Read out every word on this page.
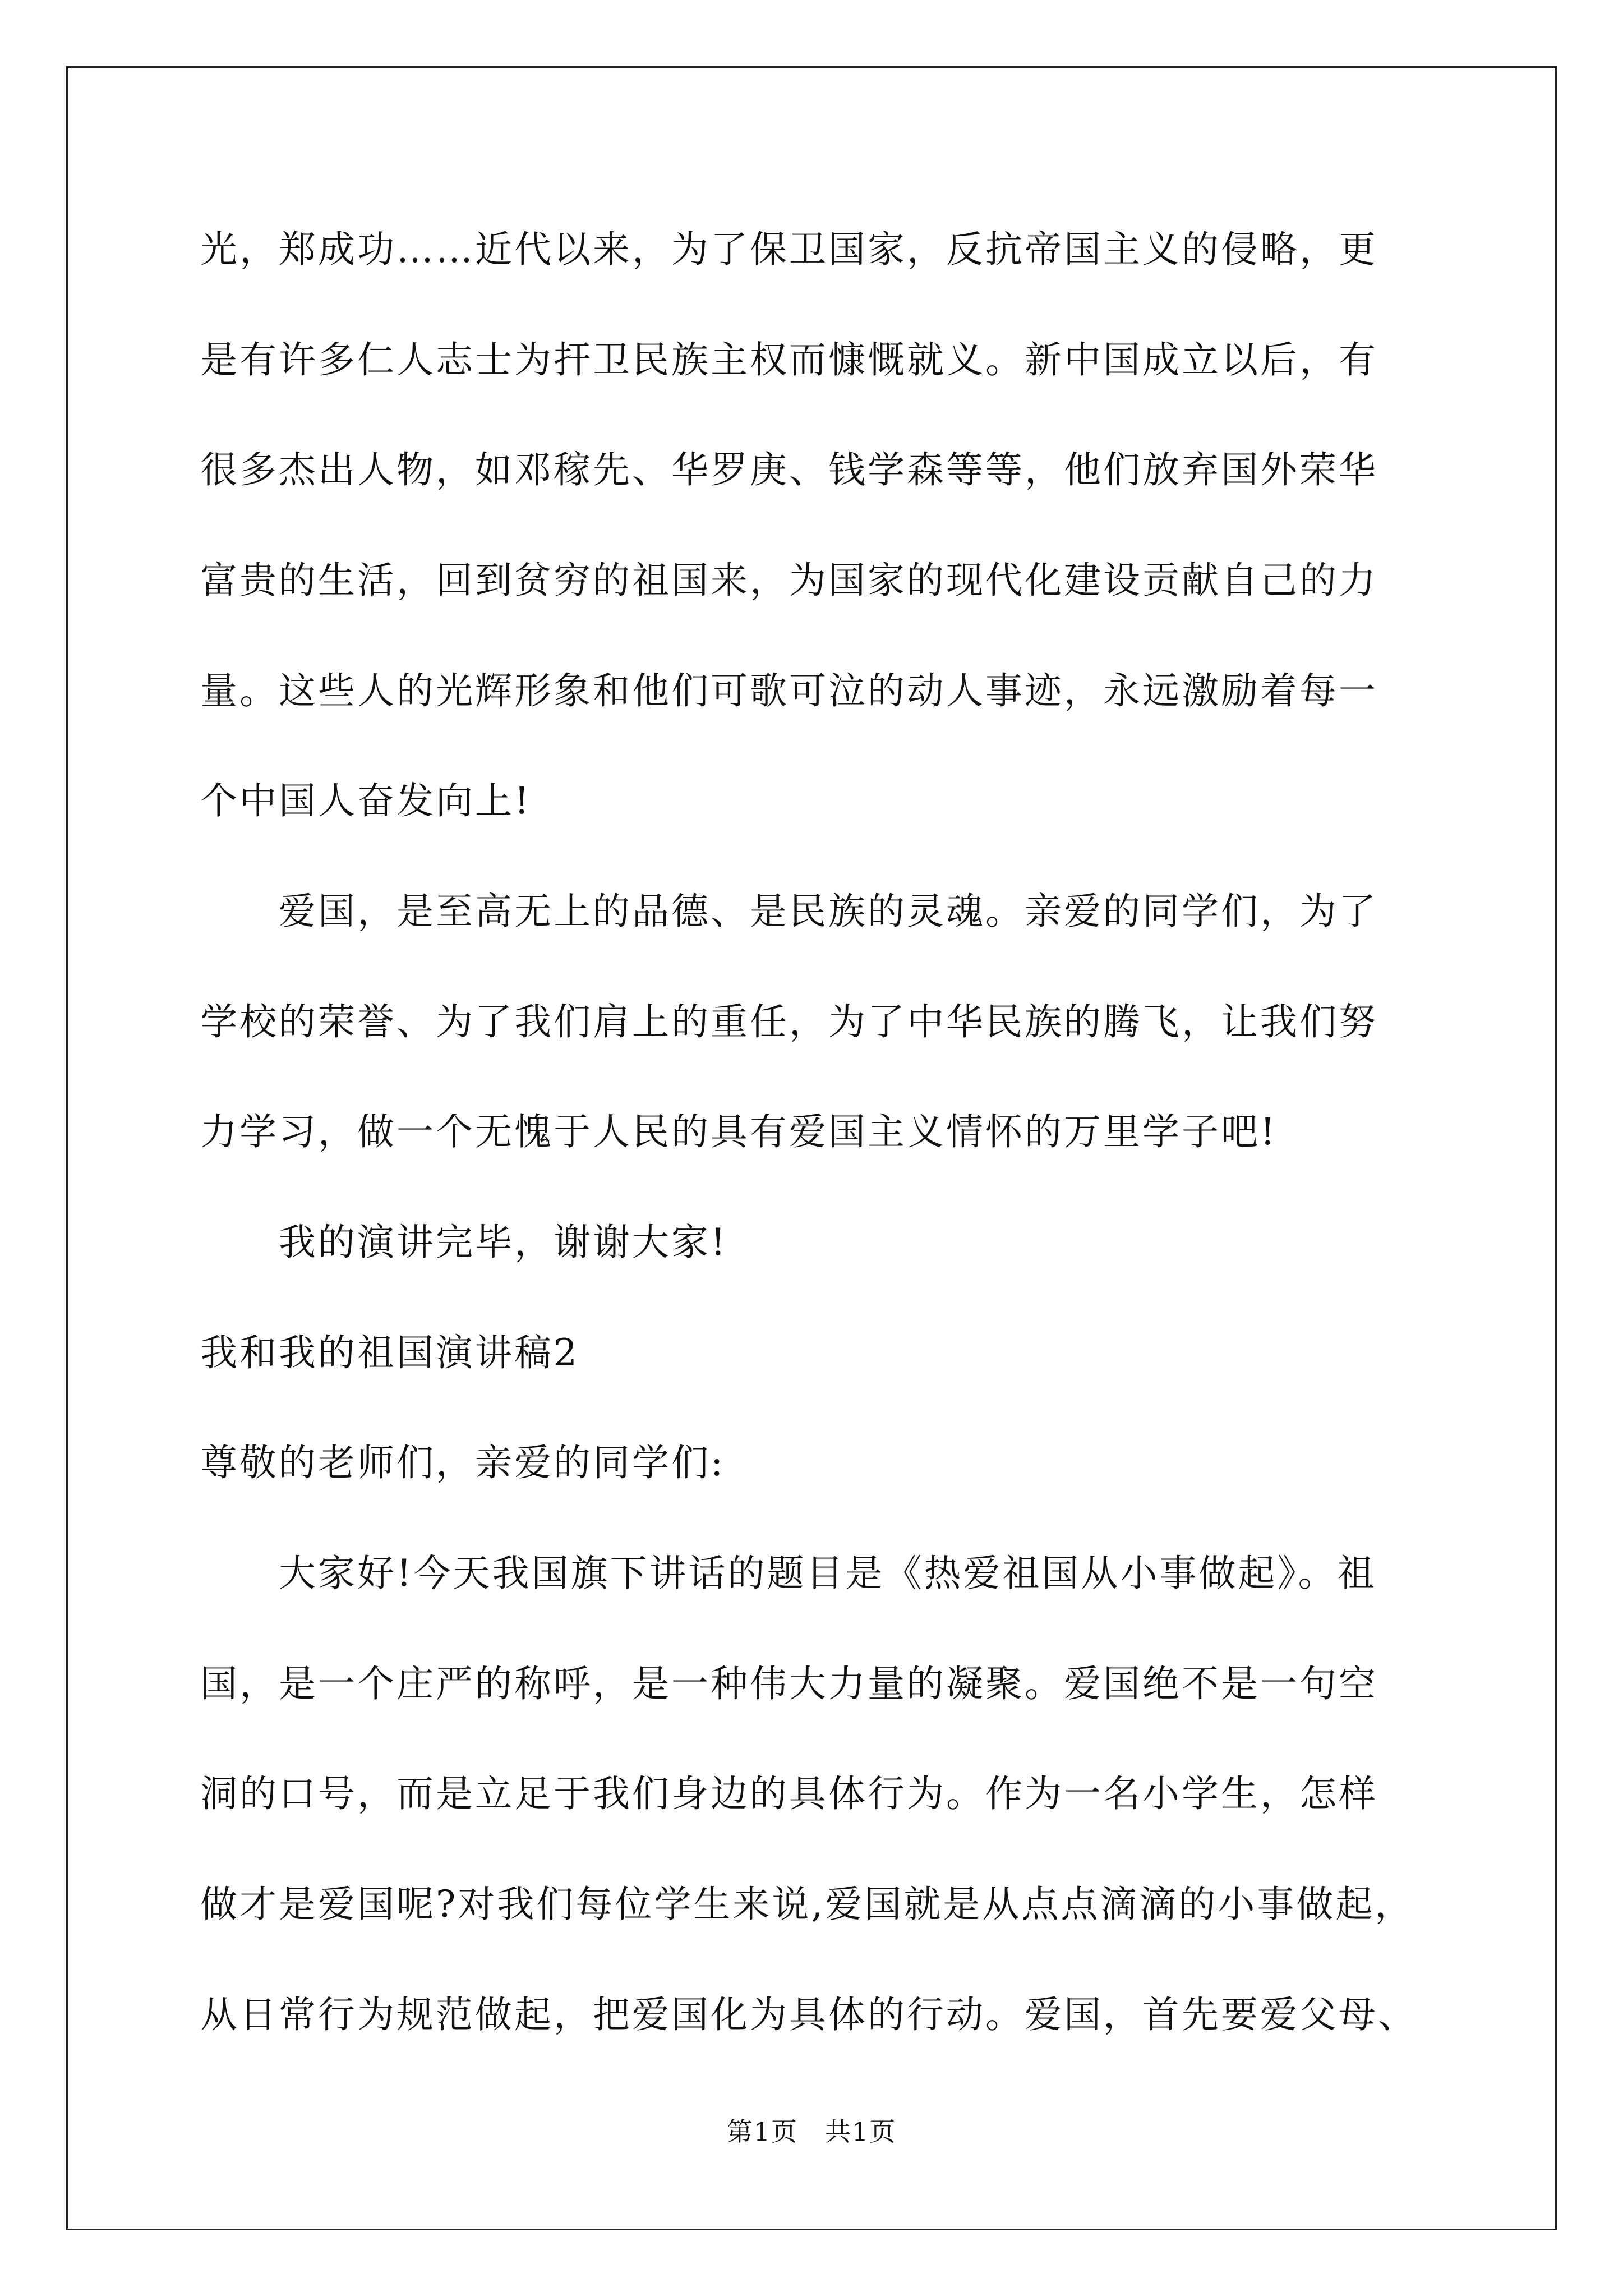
光，郑成功……近代以来，为了保卫国家，反抗帝国主义的侵略，更
是有许多仁人志士为扞卫民族主权而慷慨就义。新中国成立以后，有
很多杰出人物，如邓稼先、华罗庚、钱学森等等，他们放弃国外荣华
富贵的生活，回到贫穷的祖国来，为国家的现代化建设贡献自己的力
量。这些人的光辉形象和他们可歌可泣的动人事迹，永远激励着每一
个中国人奋发向上!
　　爱国，是至高无上的品德、是民族的灵魂。亲爱的同学们，为了
学校的荣誉、为了我们肩上的重任，为了中华民族的腾飞，让我们努
力学习，做一个无愧于人民的具有爱国主义情怀的万里学子吧!
　　我的演讲完毕，谢谢大家!
我和我的祖国演讲稿2
尊敬的老师们，亲爱的同学们:
　　大家好!今天我国旗下讲话的题目是《热爱祖国从小事做起》。祖
国，是一个庄严的称呼，是一种伟大力量的凝聚。爱国绝不是一句空
洞的口号，而是立足于我们身边的具体行为。作为一名小学生，怎样
做才是爱国呢?对我们每位学生来说,爱国就是从点点滴滴的小事做起，
从日常行为规范做起，把爱国化为具体的行动。爱国，首先要爱父母、
第1页　共1页
